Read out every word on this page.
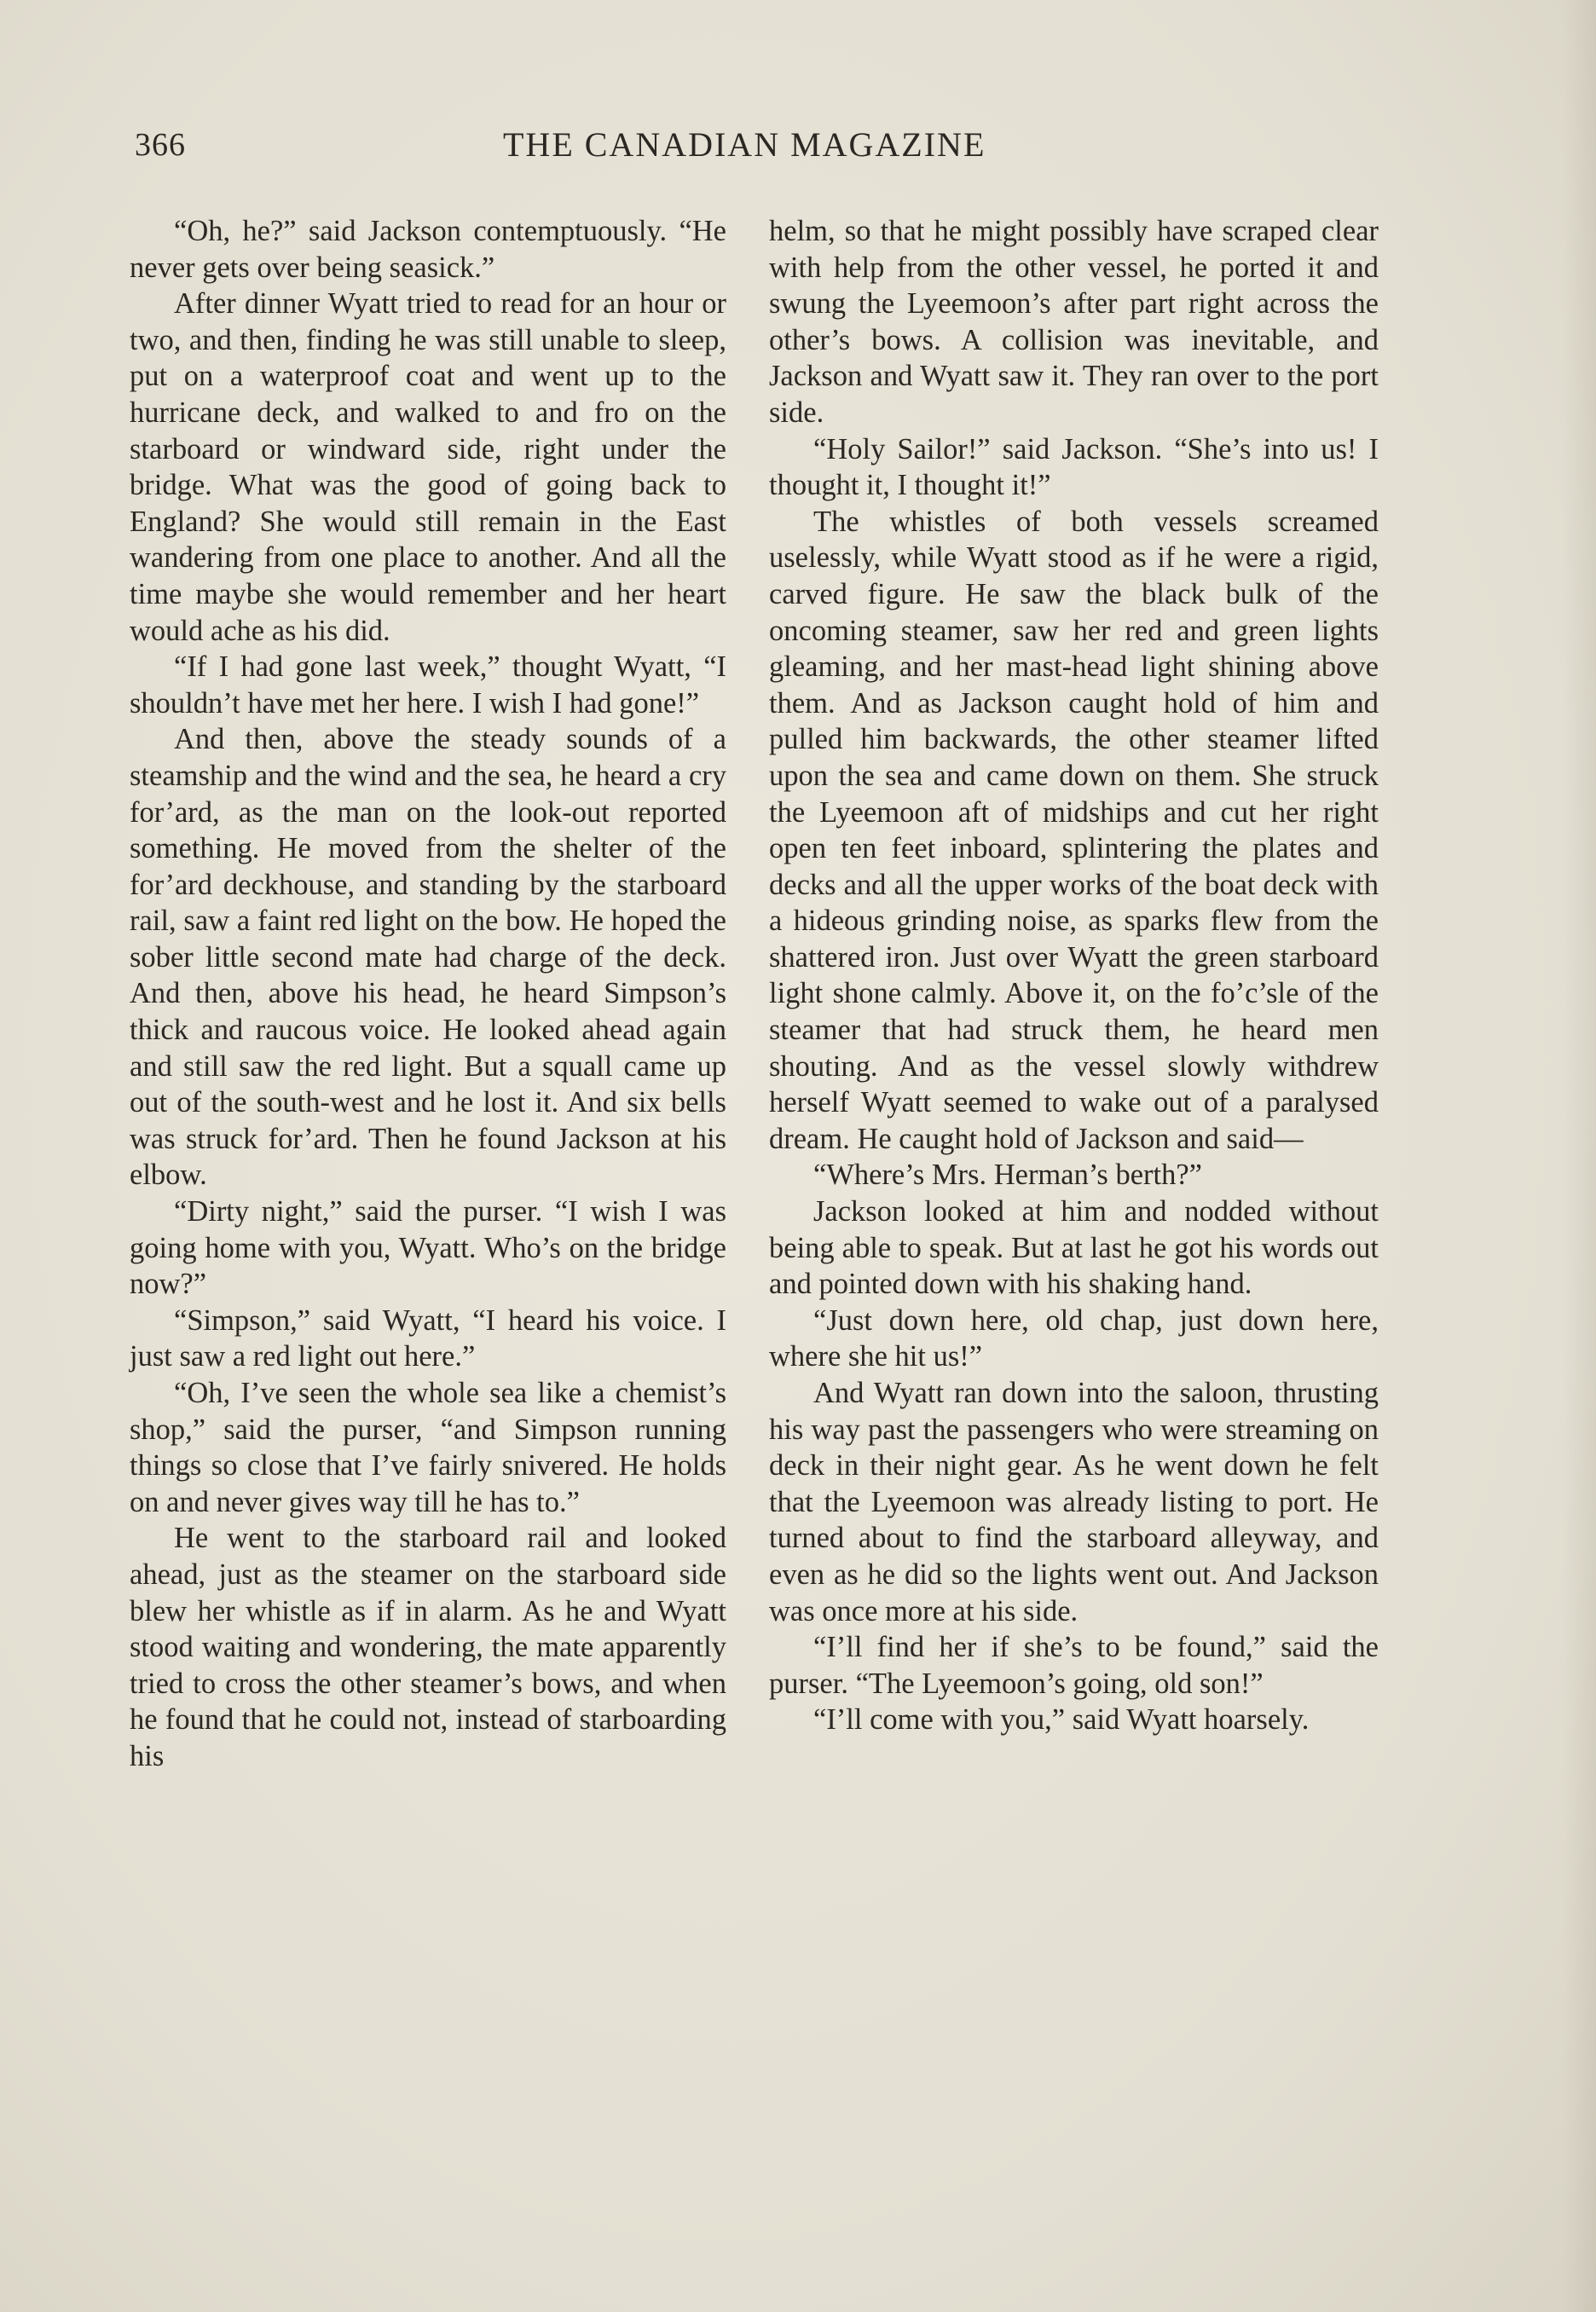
366	THE CANADIAN MAGAZINE

“Oh, he?” said Jackson contemptuously. “He never gets over being seasick.”

After dinner Wyatt tried to read for an hour or two, and then, finding he was still unable to sleep, put on a waterproof coat and went up to the hurricane deck, and walked to and fro on the starboard or windward side, right under the bridge. What was the good of going back to England? She would still remain in the East wandering from one place to another. And all the time maybe she would remember and her heart would ache as his did.

“If I had gone last week,” thought Wyatt, “I shouldn’t have met her here. I wish I had gone!”

And then, above the steady sounds of a steamship and the wind and the sea, he heard a cry for’ard, as the man on the look-out reported something. He moved from the shelter of the for’ard deckhouse, and standing by the starboard rail, saw a faint red light on the bow. He hoped the sober little second mate had charge of the deck. And then, above his head, he heard Simpson’s thick and raucous voice. He looked ahead again and still saw the red light. But a squall came up out of the south-west and he lost it. And six bells was struck for’ard. Then he found Jackson at his elbow.

“Dirty night,” said the purser. “I wish I was going home with you, Wyatt. Who’s on the bridge now?”

“Simpson,” said Wyatt, “I heard his voice. I just saw a red light out here.”

“Oh, I’ve seen the whole sea like a chemist’s shop,” said the purser, “and Simpson running things so close that I’ve fairly snivered. He holds on and never gives way till he has to.”

He went to the starboard rail and looked ahead, just as the steamer on the starboard side blew her whistle as if in alarm. As he and Wyatt stood waiting and wondering, the mate apparently tried to cross the other steamer’s bows, and when he found that he could not, instead of starboarding his

helm, so that he might possibly have scraped clear with help from the other vessel, he ported it and swung the Lyeemoon’s after part right across the other’s bows. A collision was inevitable, and Jackson and Wyatt saw it. They ran over to the port side.

“Holy Sailor!” said Jackson. “She’s into us! I thought it, I thought it!”

The whistles of both vessels screamed uselessly, while Wyatt stood as if he were a rigid, carved figure. He saw the black bulk of the oncoming steamer, saw her red and green lights gleaming, and her mast-head light shining above them. And as Jackson caught hold of him and pulled him backwards, the other steamer lifted upon the sea and came down on them. She struck the Lyeemoon aft of midships and cut her right open ten feet inboard, splintering the plates and decks and all the upper works of the boat deck with a hideous grinding noise, as sparks flew from the shattered iron. Just over Wyatt the green starboard light shone calmly. Above it, on the fo’c’sle of the steamer that had struck them, he heard men shouting. And as the vessel slowly withdrew herself Wyatt seemed to wake out of a paralysed dream. He caught hold of Jackson and said—

“Where’s Mrs. Herman’s berth?”

Jackson looked at him and nodded without being able to speak. But at last he got his words out and pointed down with his shaking hand.

“Just down here, old chap, just down here, where she hit us!”

And Wyatt ran down into the saloon, thrusting his way past the passengers who were streaming on deck in their night gear. As he went down he felt that the Lyeemoon was already listing to port. He turned about to find the starboard alleyway, and even as he did so the lights went out. And Jackson was once more at his side.

“I’ll find her if she’s to be found,” said the purser. “The Lyeemoon’s going, old son!”

“I’ll come with you,” said Wyatt hoarsely.
